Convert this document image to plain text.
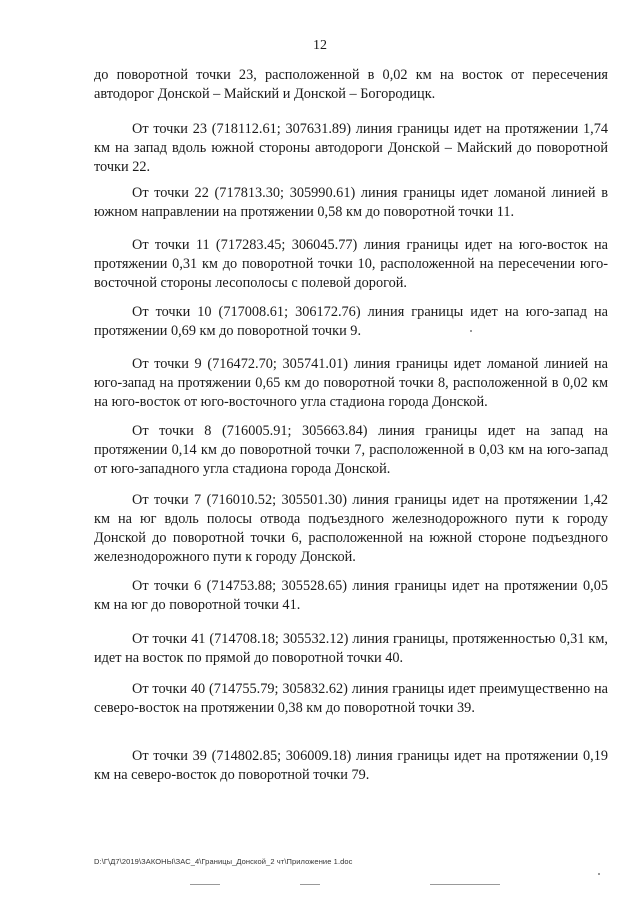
12

до поворотной точки 23, расположенной в 0,02 км на восток от пересечения автодорог Донской – Майский и Донской – Богородицк.

От точки 23 (718112.61; 307631.89) линия границы идет на протяжении 1,74 км на запад вдоль южной стороны автодороги Донской – Майский до поворотной точки 22.

От точки 22 (717813.30; 305990.61) линия границы идет ломаной линией в южном направлении на протяжении 0,58 км до поворотной точки 11.

От точки 11 (717283.45; 306045.77) линия границы идет на юго-восток на протяжении 0,31 км до поворотной точки 10, расположенной на пересечении юго-восточной стороны лесополосы с полевой дорогой.

От точки 10 (717008.61; 306172.76) линия границы идет на юго-запад на протяжении 0,69 км до поворотной точки 9.

От точки 9 (716472.70; 305741.01) линия границы идет ломаной линией на юго-запад на протяжении 0,65 км до поворотной точки 8, расположенной в 0,02 км на юго-восток от юго-восточного угла стадиона города Донской.

От точки 8 (716005.91; 305663.84) линия границы идет на запад на протяжении 0,14 км до поворотной точки 7, расположенной в 0,03 км на юго-запад от юго-западного угла стадиона города Донской.

От точки 7 (716010.52; 305501.30) линия границы идет на протяжении 1,42 км на юг вдоль полосы отвода подъездного железнодорожного пути к городу Донской до поворотной точки 6, расположенной на южной стороне подъездного железнодорожного пути к городу Донской.

От точки 6 (714753.88; 305528.65) линия границы идет на протяжении 0,05 км на юг до поворотной точки 41.

От точки 41 (714708.18; 305532.12) линия границы, протяженностью 0,31 км, идет на восток по прямой до поворотной точки 40.

От точки 40 (714755.79; 305832.62) линия границы идет преимущественно на северо-восток на протяжении 0,38 км до поворотной точки 39.

От точки 39 (714802.85; 306009.18) линия границы идет на протяжении 0,19 км на северо-восток до поворотной точки 79.

D:\Г\Д7\2019\ЗАКОНЫ\ЗАС_4\Границы_Донской_2 чт\Приложение 1.doc
